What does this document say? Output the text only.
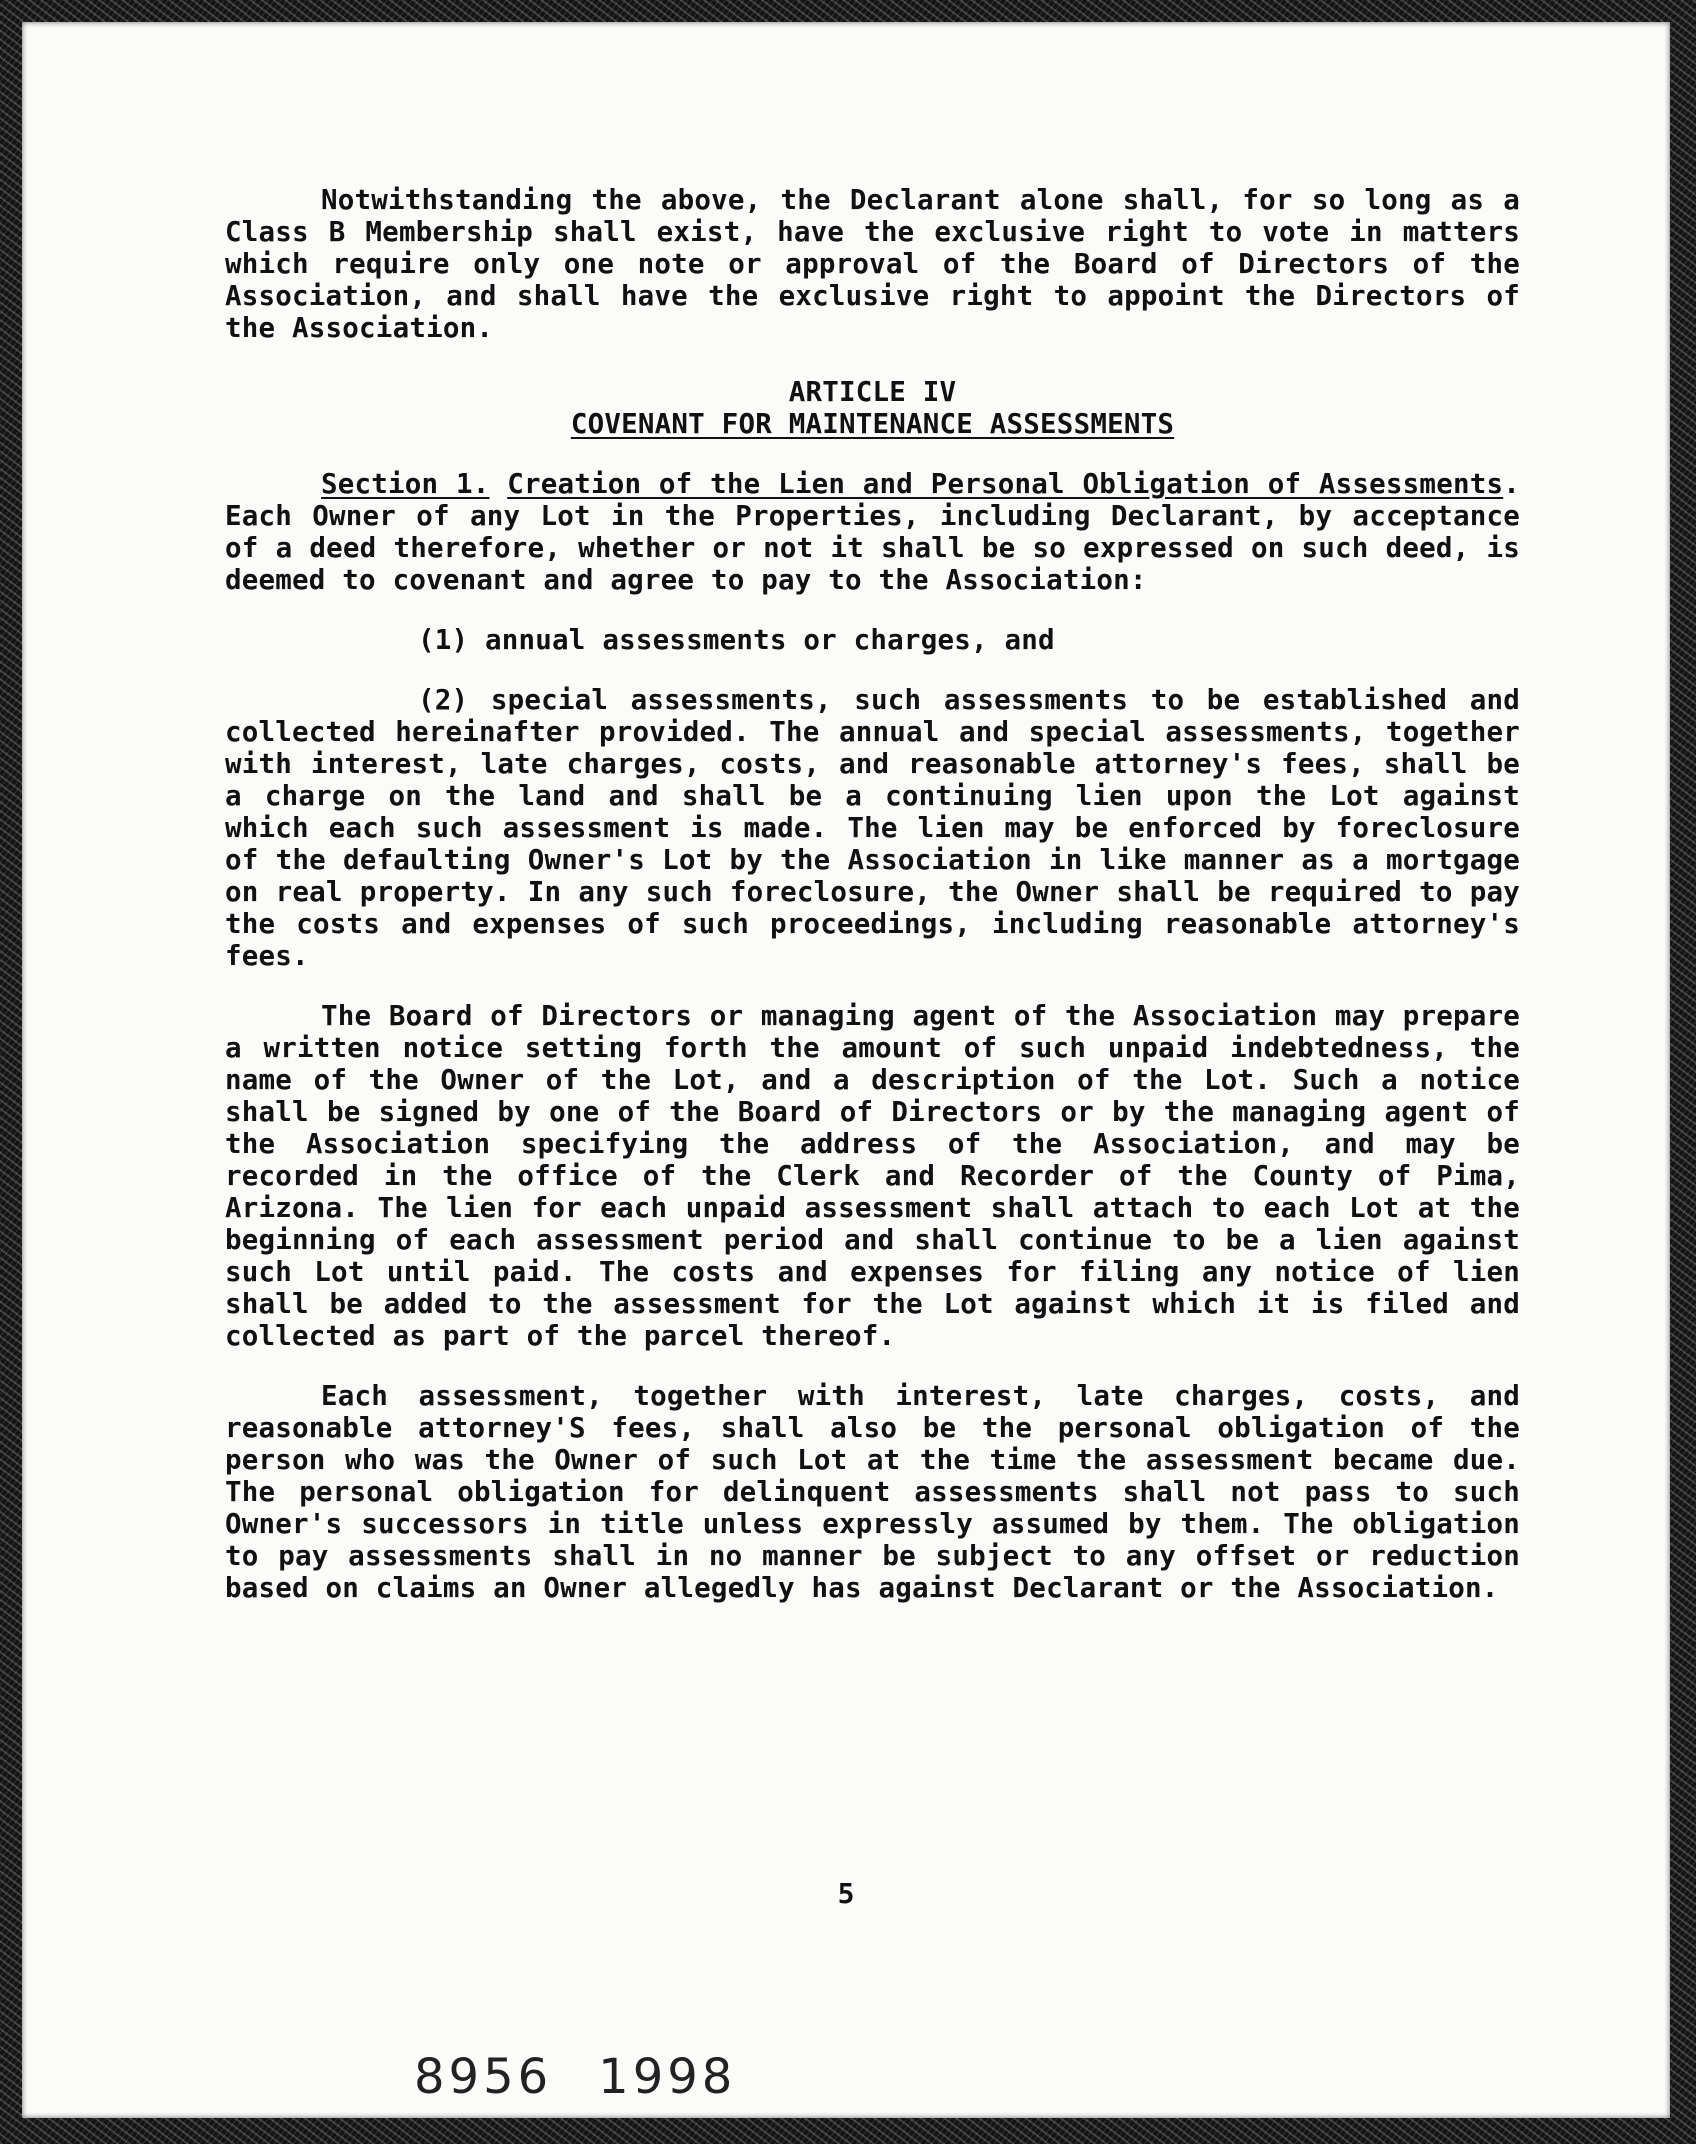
Notwithstanding the above, the Declarant alone shall, for so long as a Class B Membership shall exist, have the exclusive right to vote in matters which require only one note or approval of the Board of Directors of the Association, and shall have the exclusive right to appoint the Directors of the Association.

ARTICLE IV
COVENANT FOR MAINTENANCE ASSESSMENTS

Section 1. Creation of the Lien and Personal Obligation of Assessments. Each Owner of any Lot in the Properties, including Declarant, by acceptance of a deed therefore, whether or not it shall be so expressed on such deed, is deemed to covenant and agree to pay to the Association:

(1) annual assessments or charges, and

(2) special assessments, such assessments to be established and collected hereinafter provided. The annual and special assessments, together with interest, late charges, costs, and reasonable attorney's fees, shall be a charge on the land and shall be a continuing lien upon the Lot against which each such assessment is made. The lien may be enforced by foreclosure of the defaulting Owner's Lot by the Association in like manner as a mortgage on real property. In any such foreclosure, the Owner shall be required to pay the costs and expenses of such proceedings, including reasonable attorney's fees.

The Board of Directors or managing agent of the Association may prepare a written notice setting forth the amount of such unpaid indebtedness, the name of the Owner of the Lot, and a description of the Lot. Such a notice shall be signed by one of the Board of Directors or by the managing agent of the Association specifying the address of the Association, and may be recorded in the office of the Clerk and Recorder of the County of Pima, Arizona. The lien for each unpaid assessment shall attach to each Lot at the beginning of each assessment period and shall continue to be a lien against such Lot until paid. The costs and expenses for filing any notice of lien shall be added to the assessment for the Lot against which it is filed and collected as part of the parcel thereof.

Each assessment, together with interest, late charges, costs, and reasonable attorney'S fees, shall also be the personal obligation of the person who was the Owner of such Lot at the time the assessment became due. The personal obligation for delinquent assessments shall not pass to such Owner's successors in title unless expressly assumed by them. The obligation to pay assessments shall in no manner be subject to any offset or reduction based on claims an Owner allegedly has against Declarant or the Association.

5
8956 1998
